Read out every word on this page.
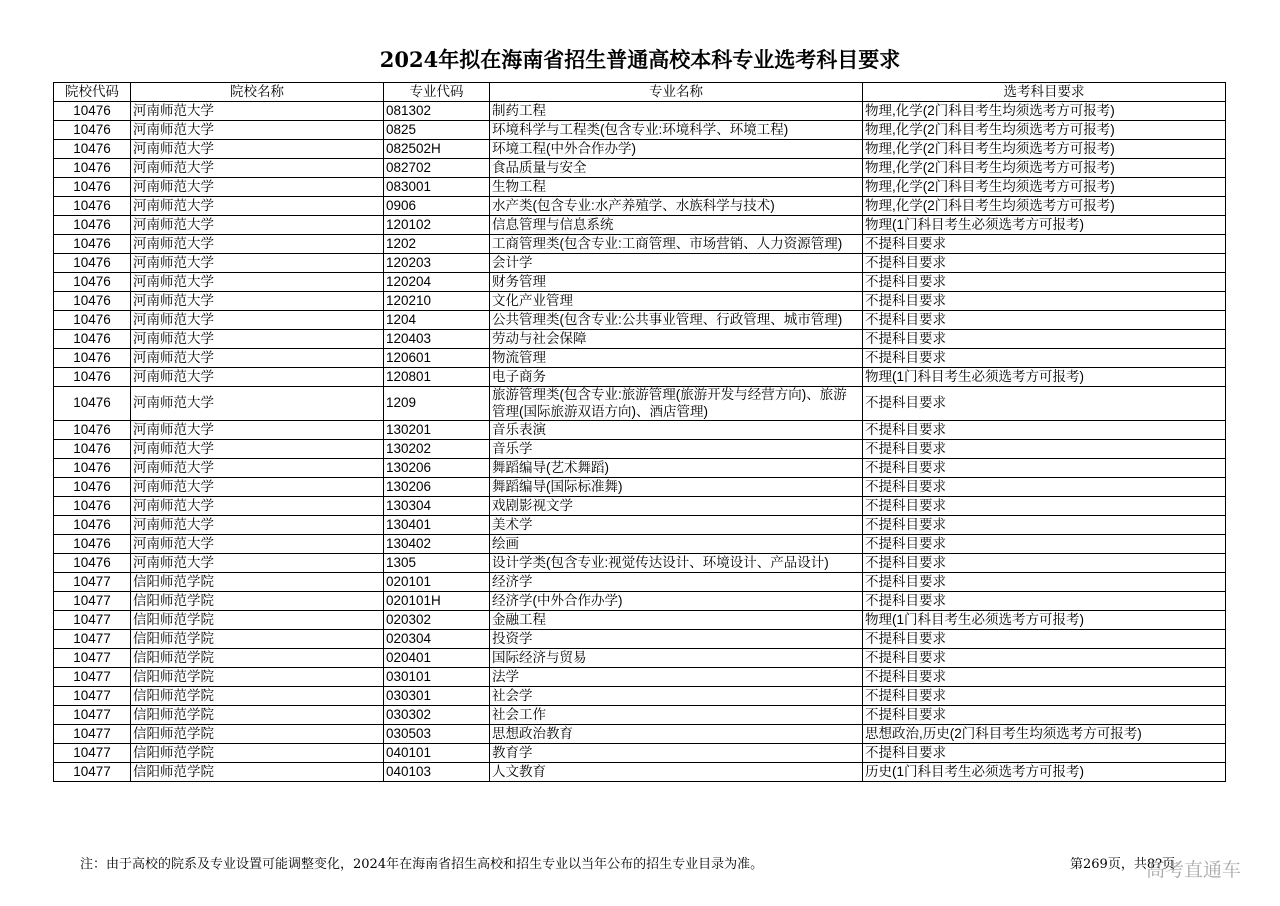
2024年拟在海南省招生普通高校本科专业选考科目要求
院校代码	院校名称	专业代码	专业名称	选考科目要求
10476	河南师范大学	081302	制药工程	物理,化学(2门科目考生均须选考方可报考)
10476	河南师范大学	0825	环境科学与工程类(包含专业:环境科学、环境工程)	物理,化学(2门科目考生均须选考方可报考)
10476	河南师范大学	082502H	环境工程(中外合作办学)	物理,化学(2门科目考生均须选考方可报考)
10476	河南师范大学	082702	食品质量与安全	物理,化学(2门科目考生均须选考方可报考)
10476	河南师范大学	083001	生物工程	物理,化学(2门科目考生均须选考方可报考)
10476	河南师范大学	0906	水产类(包含专业:水产养殖学、水族科学与技术)	物理,化学(2门科目考生均须选考方可报考)
10476	河南师范大学	120102	信息管理与信息系统	物理(1门科目考生必须选考方可报考)
10476	河南师范大学	1202	工商管理类(包含专业:工商管理、市场营销、人力资源管理)	不提科目要求
10476	河南师范大学	120203	会计学	不提科目要求
10476	河南师范大学	120204	财务管理	不提科目要求
10476	河南师范大学	120210	文化产业管理	不提科目要求
10476	河南师范大学	1204	公共管理类(包含专业:公共事业管理、行政管理、城市管理)	不提科目要求
10476	河南师范大学	120403	劳动与社会保障	不提科目要求
10476	河南师范大学	120601	物流管理	不提科目要求
10476	河南师范大学	120801	电子商务	物理(1门科目考生必须选考方可报考)
10476	河南师范大学	1209	旅游管理类(包含专业:旅游管理(旅游开发与经营方向)、旅游管理(国际旅游双语方向)、酒店管理)	不提科目要求
10476	河南师范大学	130201	音乐表演	不提科目要求
10476	河南师范大学	130202	音乐学	不提科目要求
10476	河南师范大学	130206	舞蹈编导(艺术舞蹈)	不提科目要求
10476	河南师范大学	130206	舞蹈编导(国际标准舞)	不提科目要求
10476	河南师范大学	130304	戏剧影视文学	不提科目要求
10476	河南师范大学	130401	美术学	不提科目要求
10476	河南师范大学	130402	绘画	不提科目要求
10476	河南师范大学	1305	设计学类(包含专业:视觉传达设计、环境设计、产品设计)	不提科目要求
10477	信阳师范学院	020101	经济学	不提科目要求
10477	信阳师范学院	020101H	经济学(中外合作办学)	不提科目要求
10477	信阳师范学院	020302	金融工程	物理(1门科目考生必须选考方可报考)
10477	信阳师范学院	020304	投资学	不提科目要求
10477	信阳师范学院	020401	国际经济与贸易	不提科目要求
10477	信阳师范学院	030101	法学	不提科目要求
10477	信阳师范学院	030301	社会学	不提科目要求
10477	信阳师范学院	030302	社会工作	不提科目要求
10477	信阳师范学院	030503	思想政治教育	思想政治,历史(2门科目考生均须选考方可报考)
10477	信阳师范学院	040101	教育学	不提科目要求
10477	信阳师范学院	040103	人文教育	历史(1门科目考生必须选考方可报考)
注：由于高校的院系及专业设置可能调整变化，2024年在海南省招生高校和招生专业以当年公布的招生专业目录为准。	第269页，共8?页
高考直通车
